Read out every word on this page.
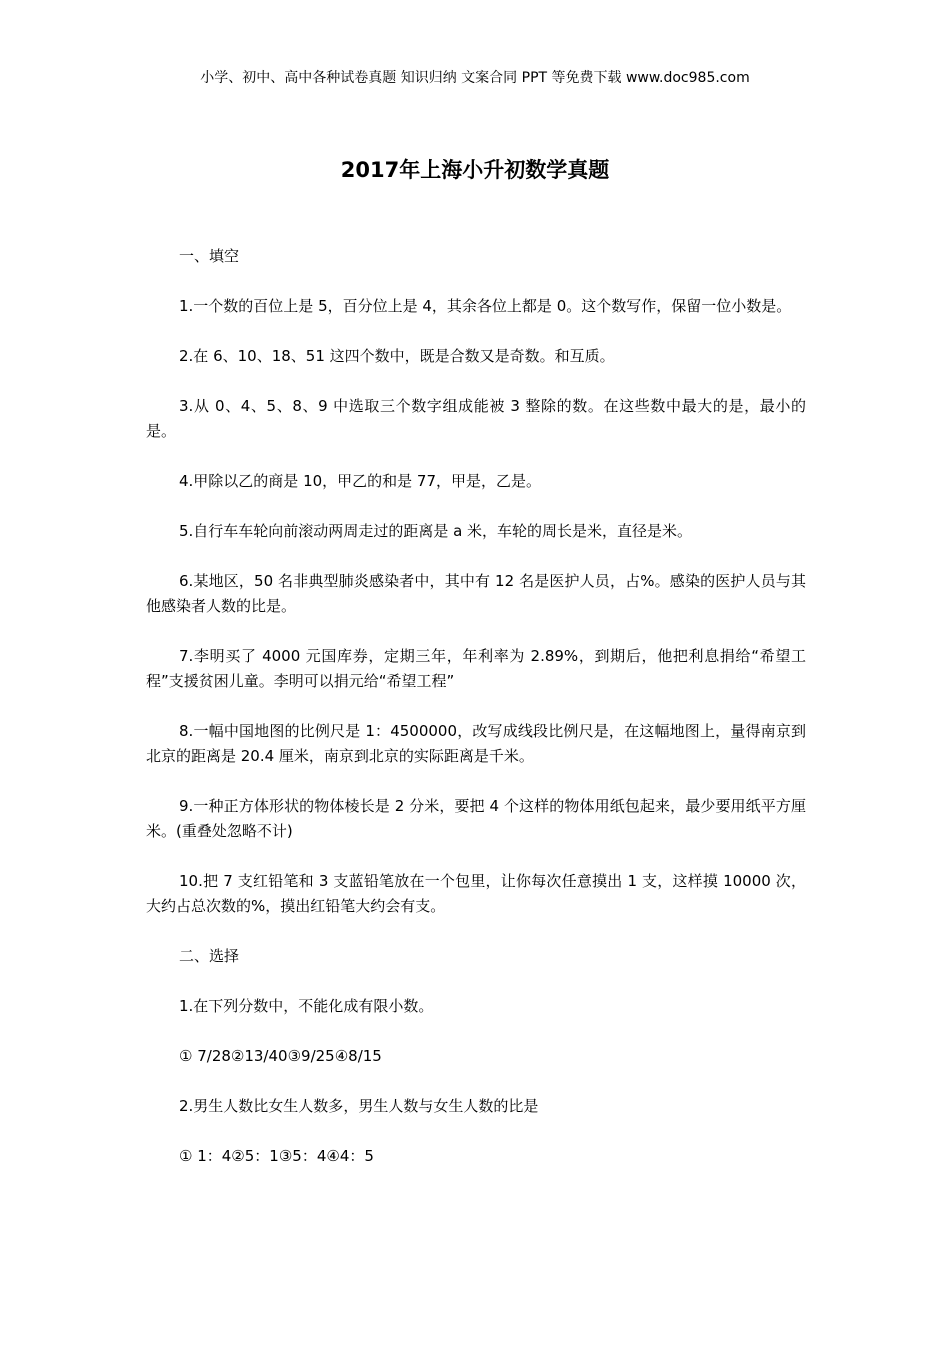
小学、初中、高中各种试卷真题 知识归纳 文案合同 PPT 等免费下载 www.doc985.com
2017年上海小升初数学真题

一、填空

1.一个数的百位上是 5，百分位上是 4，其余各位上都是 0。这个数写作，保留一位小数是。

2.在 6、10、18、51 这四个数中，既是合数又是奇数。和互质。

3.从 0、4、5、8、9 中选取三个数字组成能被 3 整除的数。在这些数中最大的是，最小的是。

4.甲除以乙的商是 10，甲乙的和是 77，甲是，乙是。

5.自行车车轮向前滚动两周走过的距离是 a 米，车轮的周长是米，直径是米。

6.某地区，50 名非典型肺炎感染者中，其中有 12 名是医护人员，占%。感染的医护人员与其他感染者人数的比是。

7.李明买了 4000 元国库券，定期三年，年利率为 2.89%，到期后，他把利息捐给“希望工程”支援贫困儿童。李明可以捐元给“希望工程”

8.一幅中国地图的比例尺是 1：4500000，改写成线段比例尺是，在这幅地图上，量得南京到北京的距离是 20.4 厘米，南京到北京的实际距离是千米。

9.一种正方体形状的物体棱长是 2 分米，要把 4 个这样的物体用纸包起来，最少要用纸平方厘米。(重叠处忽略不计)

10.把 7 支红铅笔和 3 支蓝铅笔放在一个包里，让你每次任意摸出 1 支，这样摸 10000 次，大约占总次数的%，摸出红铅笔大约会有支。

二、选择

1.在下列分数中，不能化成有限小数。

① 7/28②13/40③9/25④8/15

2.男生人数比女生人数多，男生人数与女生人数的比是

① 1：4②5：1③5：4④4：5
